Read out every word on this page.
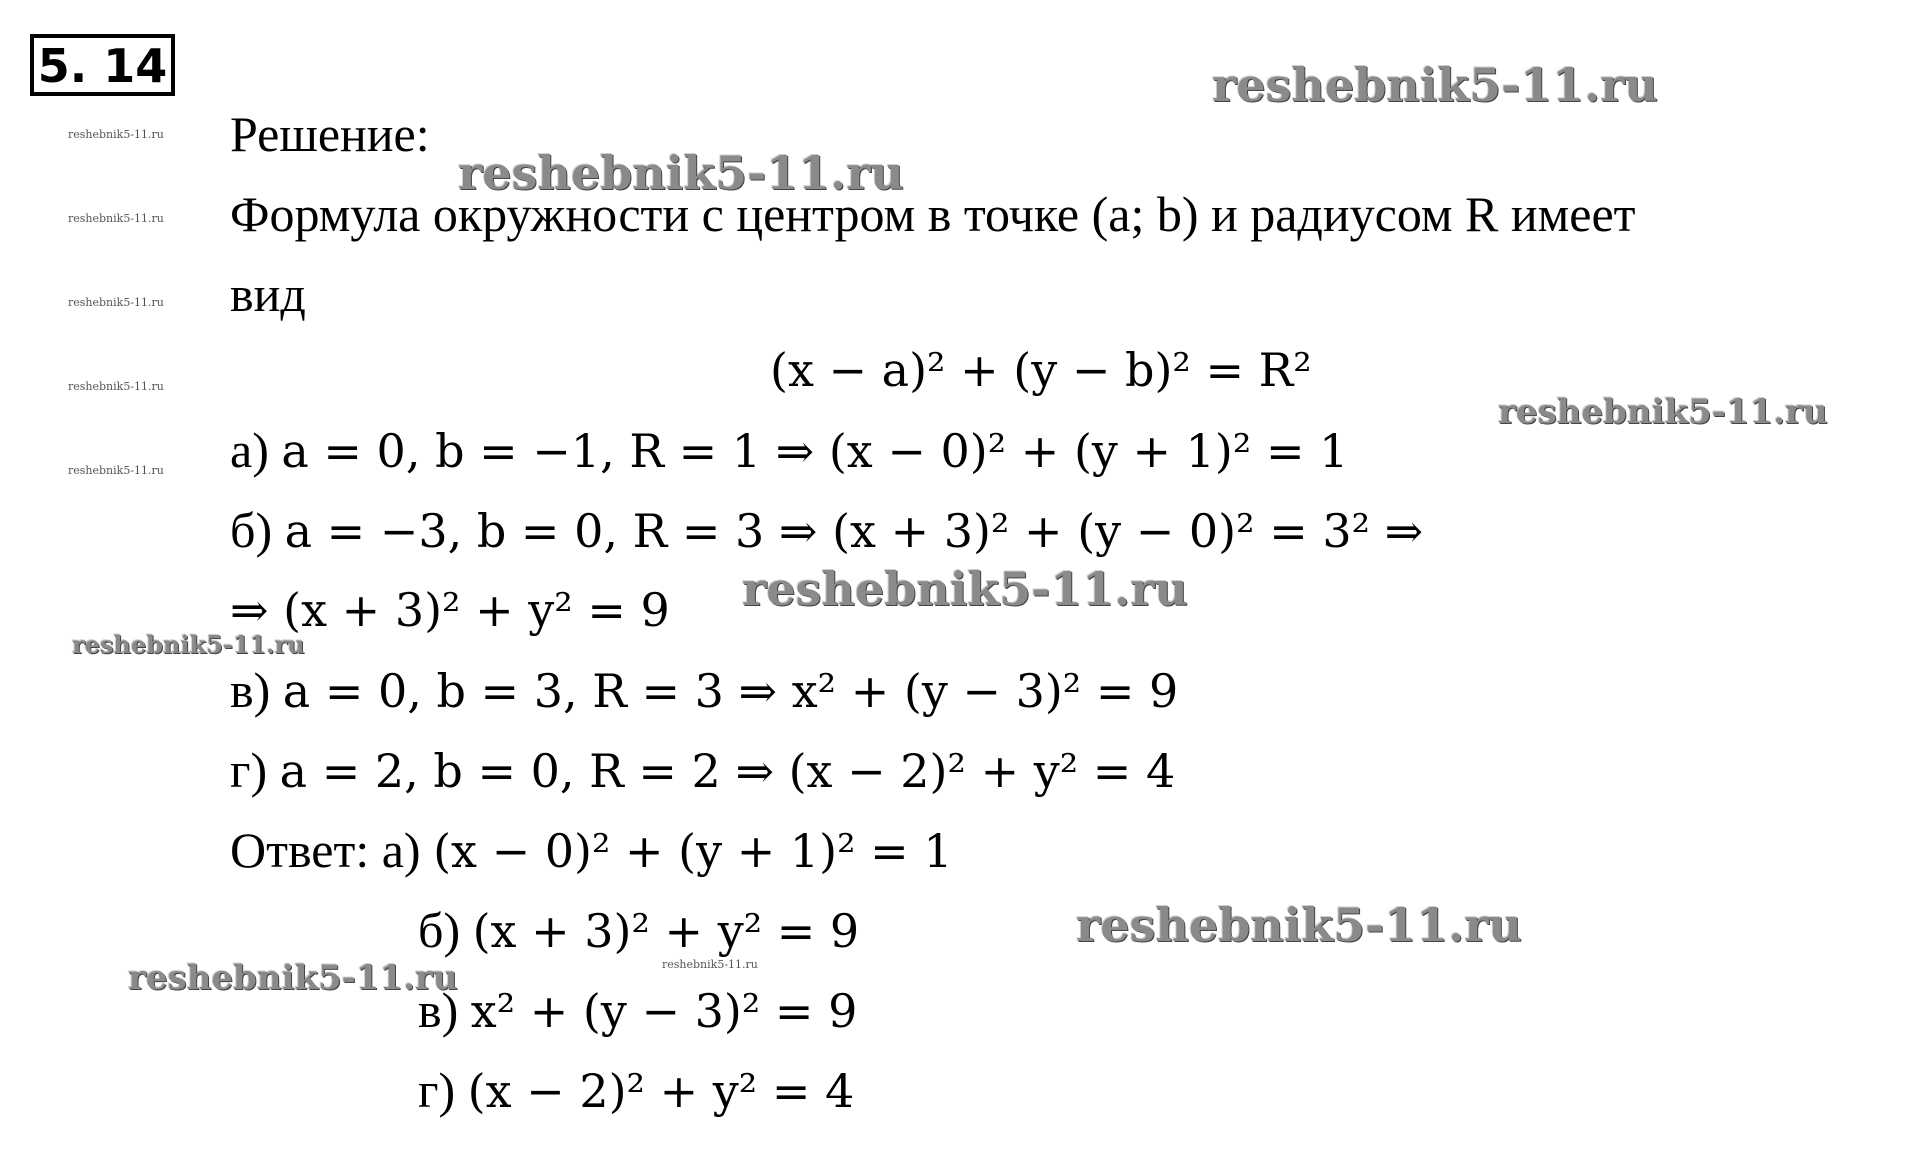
5. 14	reshebnik5-11.ru
reshebnik5-11.ru
reshebnik5-11.ru
reshebnik5-11.ru
reshebnik5-11.ru
reshebnik5-11.ru
reshebnik5-11.ru	reshebnik5-11.ru
reshebnik5-11.ru
reshebnik5-11.ru
reshebnik5-11.ru
reshebnik5-11.ru
reshebnik5-11.ru
Решение:
Формула окружности с центром в точке (a; b) и радиусом R имеет
вид
(x − a)² + (y − b)² = R²
а) a = 0, b = −1, R = 1 ⇒ (x − 0)² + (y + 1)² = 1
б) a = −3, b = 0, R = 3 ⇒ (x + 3)² + (y − 0)² = 3² ⇒
⇒ (x + 3)² + y² = 9
в) a = 0, b = 3, R = 3 ⇒ x² + (y − 3)² = 9
г) a = 2, b = 0, R = 2 ⇒ (x − 2)² + y² = 4
Ответ: а) (x − 0)² + (y + 1)² = 1
б) (x + 3)² + y² = 9
в) x² + (y − 3)² = 9
г) (x − 2)² + y² = 4
